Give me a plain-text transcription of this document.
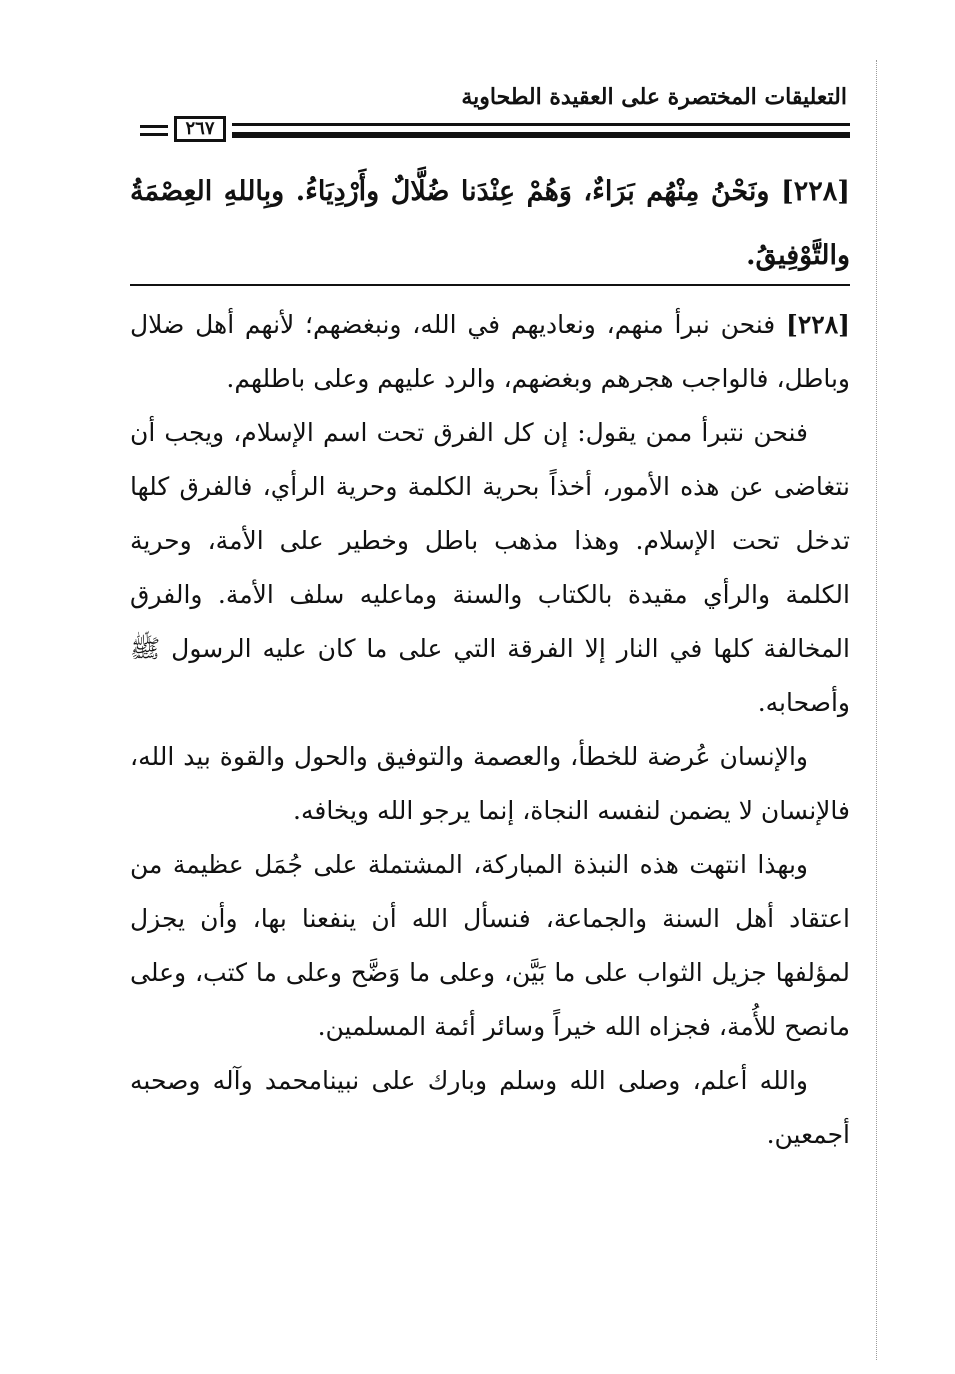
التعليقات المختصرة على العقيدة الطحاوية
٢٦٧

[٢٢٨] ونَحْنُ مِنْهُم بَرَاءٌ، وَهُمْ عِنْدَنا ضُلَّالٌ وأَرْدِيَاءُ. وبِاللهِ العِصْمَةُ والتَّوْفِيقُ.

[٢٢٨] فنحن نبرأ منهم، ونعاديهم في الله، ونبغضهم؛ لأنهم أهل ضلال وباطل، فالواجب هجرهم وبغضهم، والرد عليهم وعلى باطلهم.

فنحن نتبرأ ممن يقول: إن كل الفرق تحت اسم الإسلام، ويجب أن نتغاضى عن هذه الأمور، أخذاً بحرية الكلمة وحرية الرأي، فالفرق كلها تدخل تحت الإسلام. وهذا مذهب باطل وخطير على الأمة، وحرية الكلمة والرأي مقيدة بالكتاب والسنة وماعليه سلف الأمة. والفرق المخالفة كلها في النار إلا الفرقة التي على ما كان عليه الرسول ﷺ وأصحابه.

والإنسان عُرضة للخطأ، والعصمة والتوفيق والحول والقوة بيد الله، فالإنسان لا يضمن لنفسه النجاة، إنما يرجو الله ويخافه.

وبهذا انتهت هذه النبذة المباركة، المشتملة على جُمَل عظيمة من اعتقاد أهل السنة والجماعة، فنسأل الله أن ينفعنا بها، وأن يجزل لمؤلفها جزيل الثواب على ما بَيَّن، وعلى ما وَضَّح وعلى ما كتب، وعلى مانصح للأُمة، فجزاه الله خيراً وسائر أئمة المسلمين.

والله أعلم، وصلى الله وسلم وبارك على نبينامحمد وآله وصحبه أجمعين.
